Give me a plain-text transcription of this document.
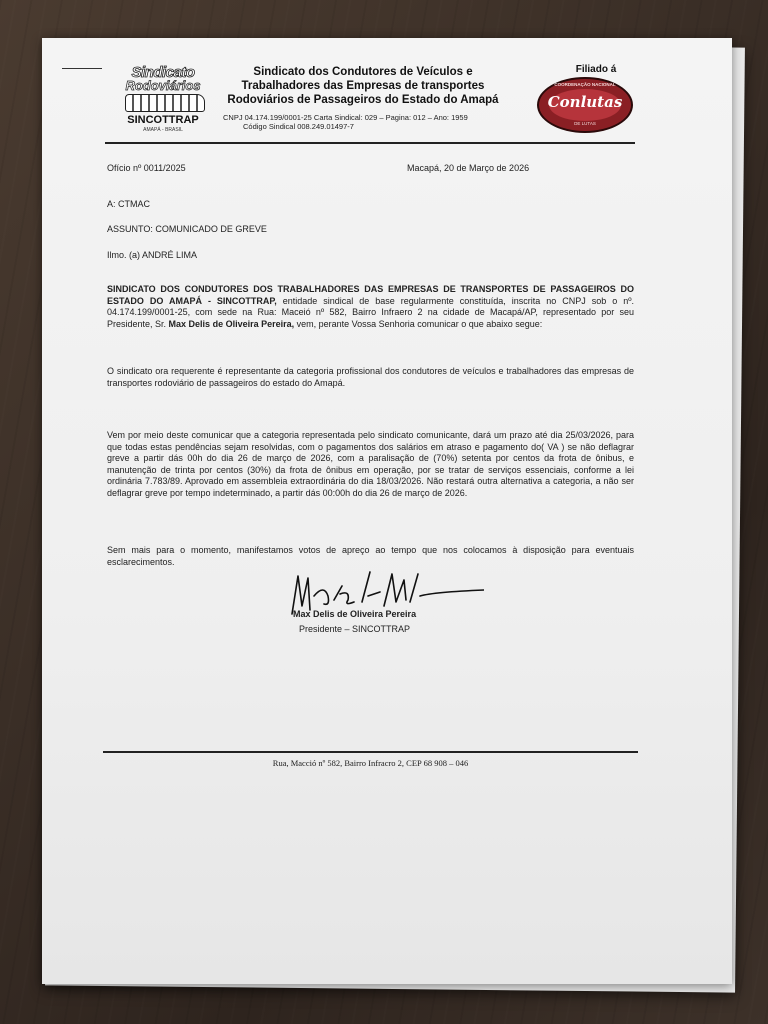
Sindicato
Rodoviários
SINCOTTRAP
AMAPÁ - BRASIL
Sindicato dos Condutores de Veículos e
Trabalhadores das Empresas de transportes
Rodoviários de Passageiros do Estado do Amapá
CNPJ 04.174.199/0001-25 Carta Sindical: 029 – Pagina: 012 – Ano: 1959
Código Sindical 008.249.01497-7
Filiado á
COORDENAÇÃO NACIONAL
Conlutas
DE LUTAS
Ofício nº 0011/2025	Macapá, 20 de Março de 2026
A: CTMAC
ASSUNTO: COMUNICADO DE GREVE
Ilmo. (a) ANDRÉ LIMA
SINDICATO DOS CONDUTORES DOS TRABALHADORES DAS EMPRESAS DE TRANSPORTES DE PASSAGEIROS DO ESTADO DO AMAPÁ - SINCOTTRAP, entidade sindical de base regularmente constituída, inscrita no CNPJ sob o nº. 04.174.199/0001-25, com sede na Rua: Maceió nº 582, Bairro Infraero 2 na cidade de Macapá/AP, representado por seu Presidente, Sr. Max Delis de Oliveira Pereira, vem, perante Vossa Senhoria comunicar o que abaixo segue:
O sindicato ora requerente é representante da categoria profissional dos condutores de veículos e trabalhadores das empresas de transportes rodoviário de passageiros do estado do Amapá.
Vem por meio deste comunicar que a categoria representada pelo sindicato comunicante, dará um prazo até dia 25/03/2026, para que todas estas pendências sejam resolvidas, com o pagamentos dos salários em atraso e pagamento do( VA ) se não deflagrar greve a partir dás 00h do dia 26 de março de 2026, com a paralisação de (70%) setenta por centos da frota de ônibus, e manutenção de trinta por centos (30%) da frota de ônibus em operação, por se tratar de serviços essenciais, conforme a lei ordinária 7.783/89. Aprovado em assembleia extraordinária do dia 18/03/2026. Não restará outra alternativa a categoria, a não ser deflagrar greve por tempo indeterminado, a partir dás 00:00h do dia 26 de março de 2026.
Sem mais para o momento, manifestamos votos de apreço ao tempo que nos colocamos à disposição para eventuais esclarecimentos.
Max Delis de Oliveira Pereira
Presidente – SINCOTTRAP
Rua, Macció nº 582, Bairro Infracro 2, CEP 68 908 – 046
